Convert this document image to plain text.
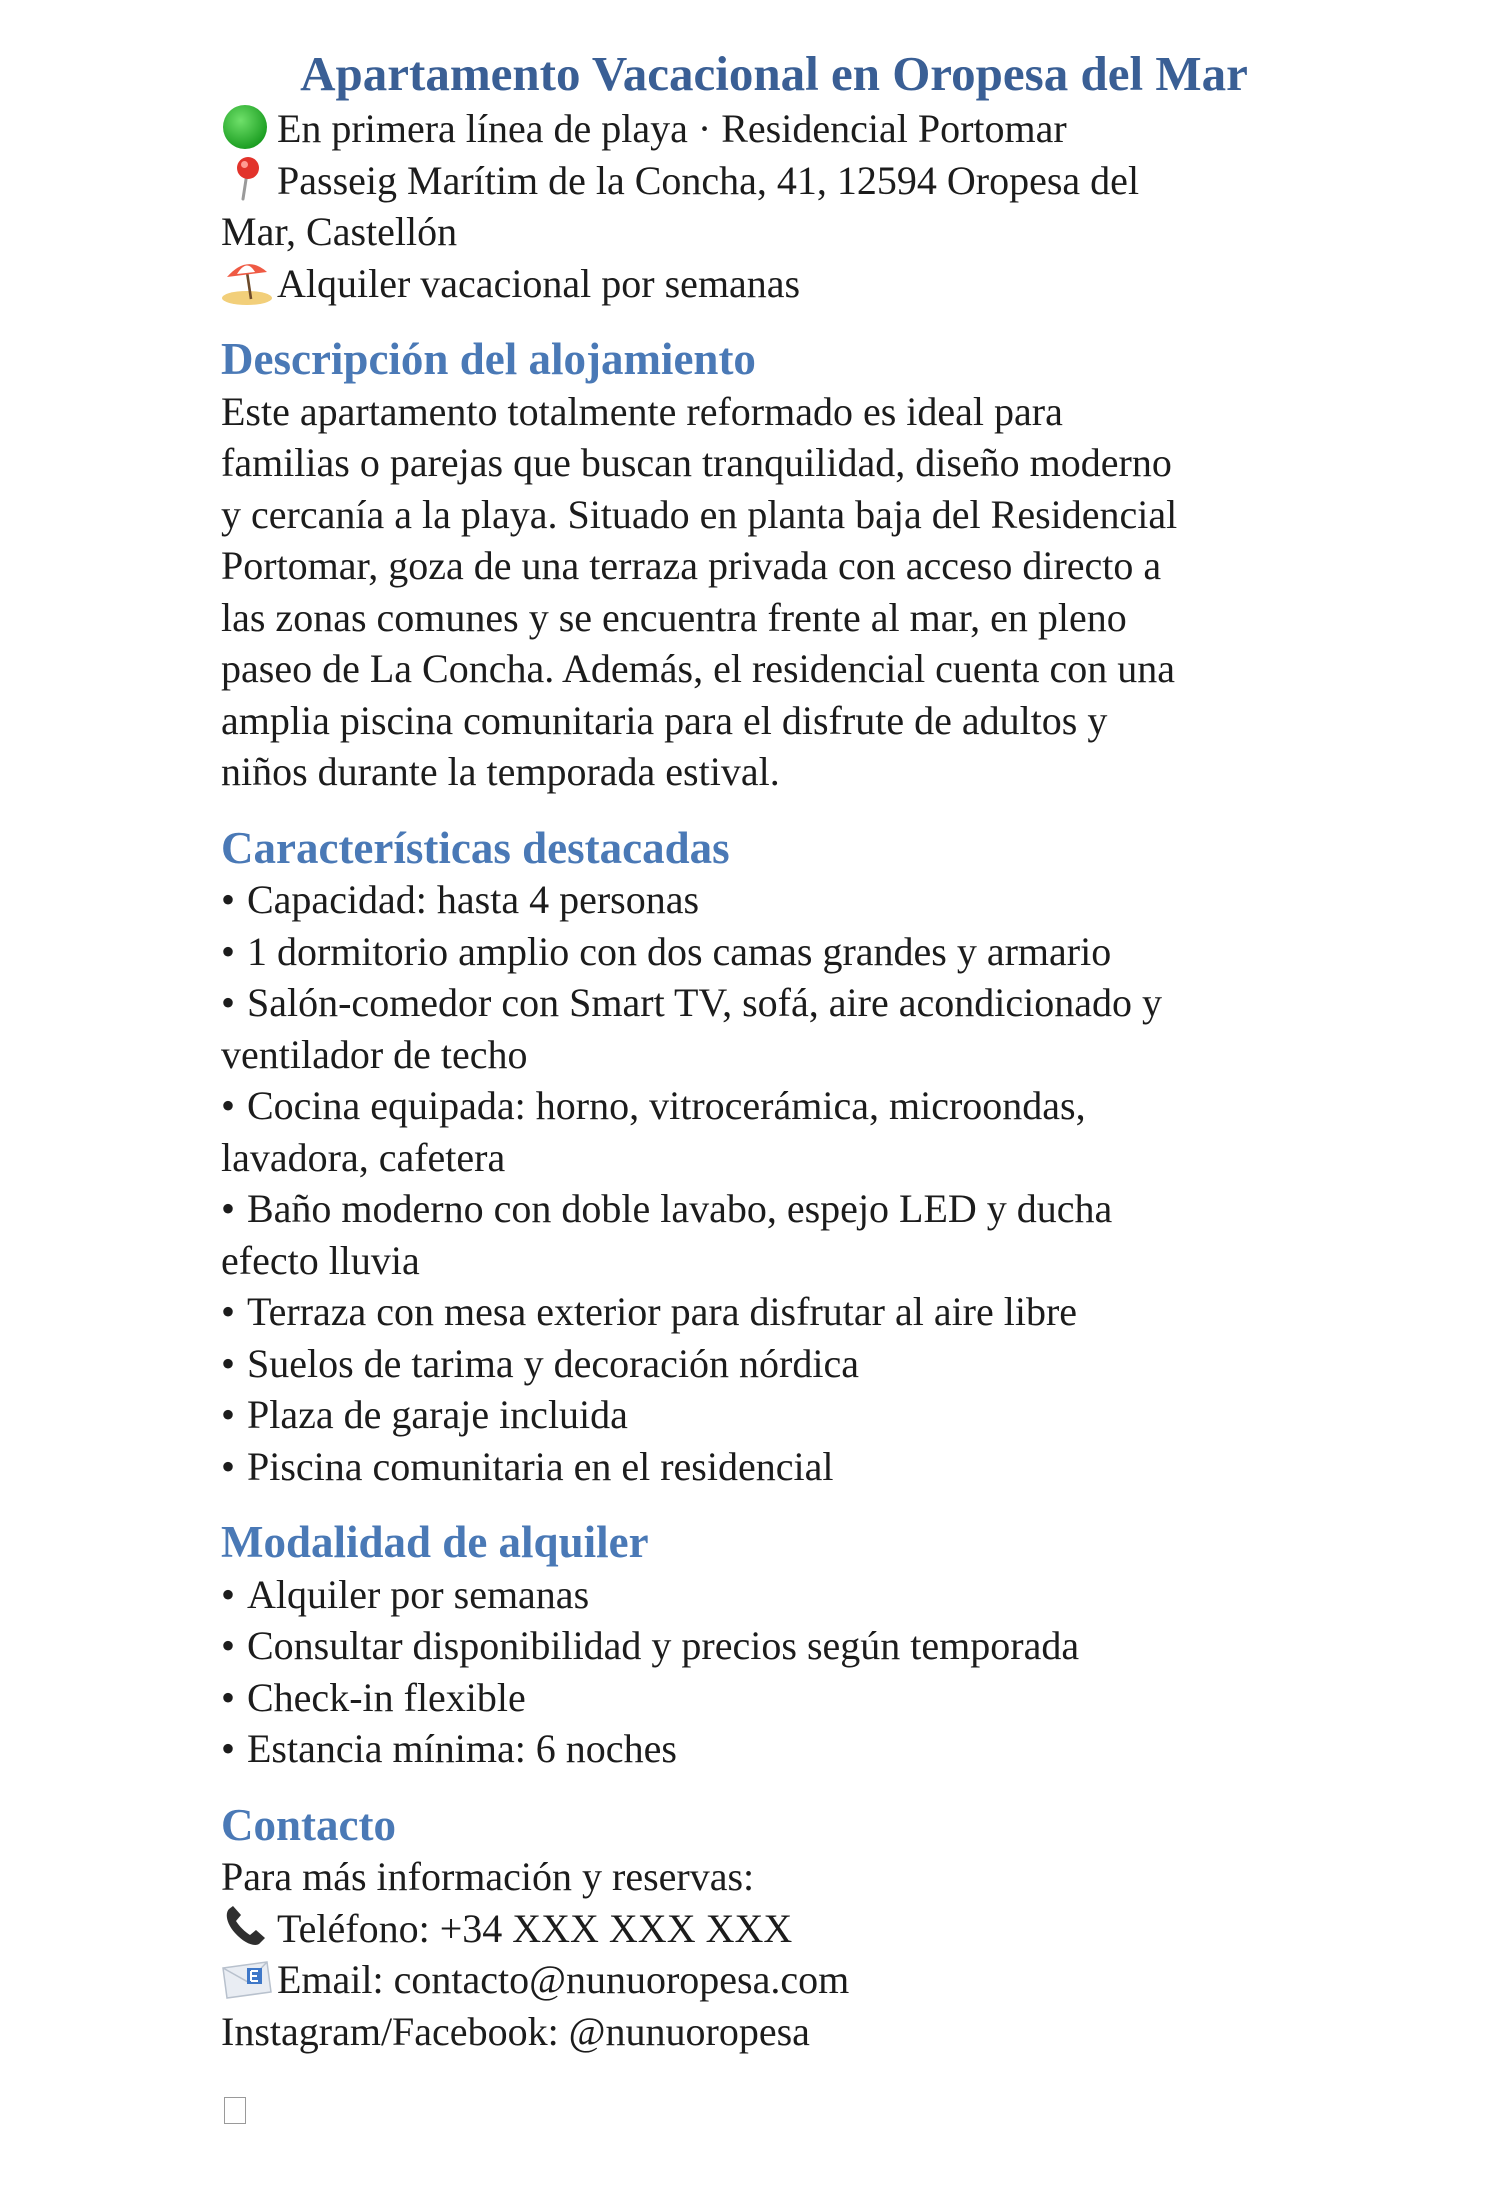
Apartamento Vacacional en Oropesa del Mar

En primera línea de playa · Residencial Portomar

Passeig Marítim de la Concha, 41, 12594 Oropesa del

Mar, Castellón

Alquiler vacacional por semanas

Descripción del alojamiento
Este apartamento totalmente reformado es ideal para
familias o parejas que buscan tranquilidad, diseño moderno
y cercanía a la playa. Situado en planta baja del Residencial
Portomar, goza de una terraza privada con acceso directo a
las zonas comunes y se encuentra frente al mar, en pleno
paseo de La Concha. Además, el residencial cuenta con una
amplia piscina comunitaria para el disfrute de adultos y
niños durante la temporada estival.
Características destacadas
• Capacidad: hasta 4 personas
• 1 dormitorio amplio con dos camas grandes y armario
• Salón-comedor con Smart TV, sofá, aire acondicionado y
ventilador de techo
• Cocina equipada: horno, vitrocerámica, microondas,
lavadora, cafetera
• Baño moderno con doble lavabo, espejo LED y ducha
efecto lluvia
• Terraza con mesa exterior para disfrutar al aire libre
• Suelos de tarima y decoración nórdica
• Plaza de garaje incluida
• Piscina comunitaria en el residencial
Modalidad de alquiler
• Alquiler por semanas
• Consultar disponibilidad y precios según temporada
• Check-in flexible
• Estancia mínima: 6 noches
Contacto

Para más información y reservas:

Teléfono: +34 XXX XXX XXX

Email: contacto@nunuoropesa.com

Instagram/Facebook: @nunuoropesa
